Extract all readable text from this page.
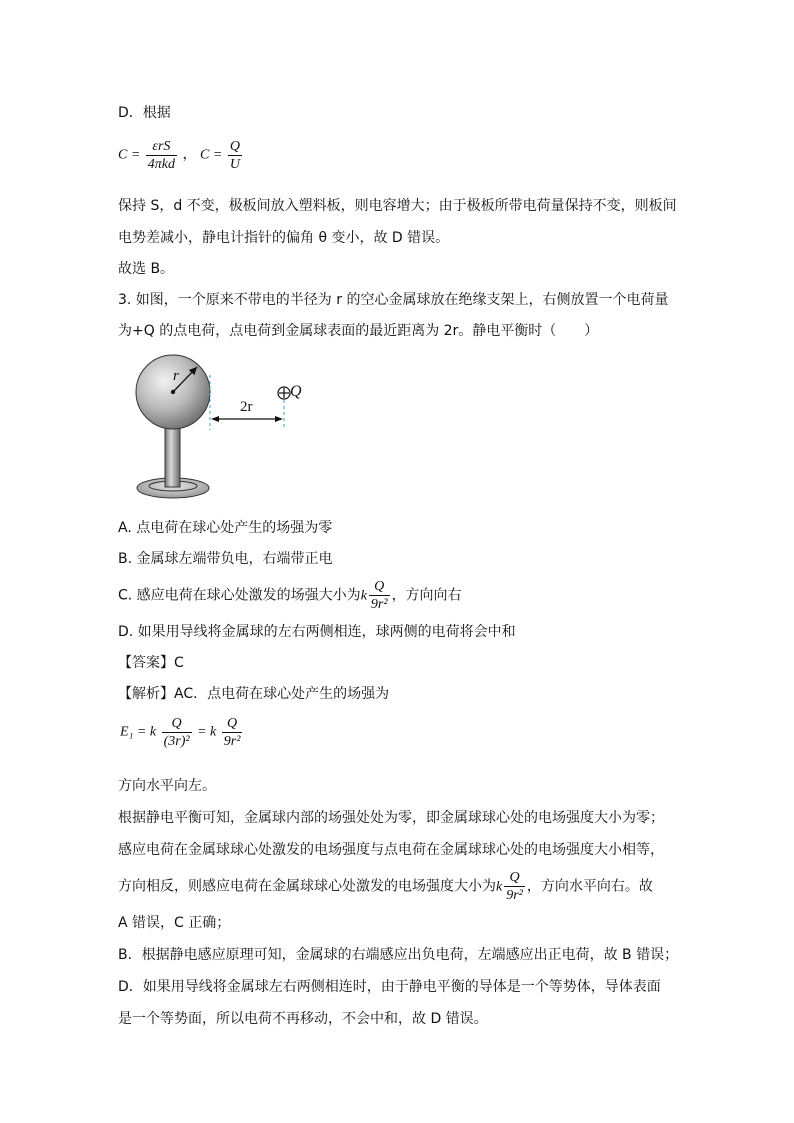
D．根据
$C = \frac{\text{εrS}}{\text{4πkd}}$ ， $C = \frac{Q}{U}$
保持 S，d 不变，极板间放入塑料板，则电容增大；由于极板所带电荷量保持不变，则板间
电势差减小，静电计指针的偏角 θ 变小，故 D 错误。
故选 B。
3. 如图，一个原来不带电的半径为 r 的空心金属球放在绝缘支架上，右侧放置一个电荷量
为+Q 的点电荷，点电荷到金属球表面的最近距离为 2r。静电平衡时（　　）
r
2r
Q
A. 点电荷在球心处产生的场强为零
B. 金属球左端带负电，右端带正电
C. 感应电荷在球心处激发的场强大小为k $\frac{Q}{\text{9r²}}$ ，方向向右
D. 如果用导线将金属球的左右两侧相连，球两侧的电荷将会中和
【答案】C
【解析】AC．点电荷在球心处产生的场强为
E₁ = k $\frac{Q}{\text{(3r)²}} = k \frac{Q}{\text{9r²}}$
方向水平向左。
根据静电平衡可知，金属球内部的场强处处为零，即金属球球心处的电场强度大小为零；
感应电荷在金属球球心处激发的电场强度与点电荷在金属球球心处的电场强度大小相等，
方向相反，则感应电荷在金属球球心处激发的电场强度大小为k $\frac{Q}{\text{9r²}}$ ，方向水平向右。故
A 错误，C 正确；
B．根据静电感应原理可知，金属球的右端感应出负电荷，左端感应出正电荷，故 B 错误；
D．如果用导线将金属球左右两侧相连时，由于静电平衡的导体是一个等势体，导体表面
是一个等势面，所以电荷不再移动，不会中和，故 D 错误。
